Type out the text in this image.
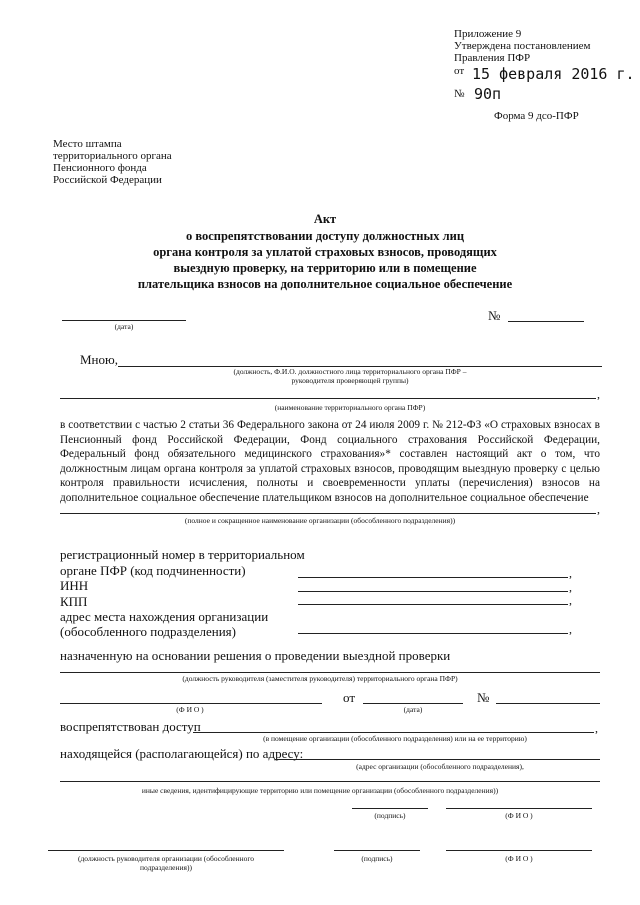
Приложение 9
Утверждена постановлением
Правления ПФР
от 15 февраля 2016 г.
№ 90п
Форма 9 дсо-ПФР
Место штампа
территориального органа
Пенсионного фонда
Российской Федерации
Акт
о воспрепятствовании доступу должностных лиц
органа контроля за уплатой страховых взносов, проводящих
выездную проверку, на территорию или в помещение
плательщика взносов на дополнительное социальное обеспечение
(дата)
№
Мною,
(должность, Ф.И.О. должностного лица территориального органа ПФР –
руководителя проверяющей группы)
,
(наименование территориального органа ПФР)
в соответствии с частью 2 статьи 36 Федерального закона от 24 июля 2009 г. № 212-ФЗ «О страховых взносах в Пенсионный фонд Российской Федерации, Фонд социального страхования Российской Федерации, Федеральный фонд обязательного медицинского страхования»* составлен настоящий акт о том, что должностным лицам органа контроля за уплатой страховых взносов, проводящим выездную проверку с целью контроля правильности исчисления, полноты и своевременности уплаты (перечисления) взносов на дополнительное социальное обеспечение плательщиком взносов на дополнительное социальное обеспечение
,
(полное и сокращенное наименование организации (обособленного подразделения))
регистрационный номер в территориальном
органе ПФР (код подчиненности)	,
ИНН	,
КПП	,
адрес места нахождения организации
(обособленного подразделения)	,
назначенную на основании решения о проведении выездной проверки
(должность руководителя (заместителя руководителя) территориального органа ПФР)
(Ф И О )
от
(дата)
№
воспрепятствован доступ	,
(в помещение организации (обособленного подразделения) или на ее территорию)
находящейся (располагающейся) по адресу:
(адрес организации (обособленного подразделения),
иные сведения, идентифицирующие территорию или помещение организации (обособленного подразделения))
(подпись)	(Ф И О )
(должность руководителя организации (обособленного
подразделения))
(подпись)	(Ф И О )
